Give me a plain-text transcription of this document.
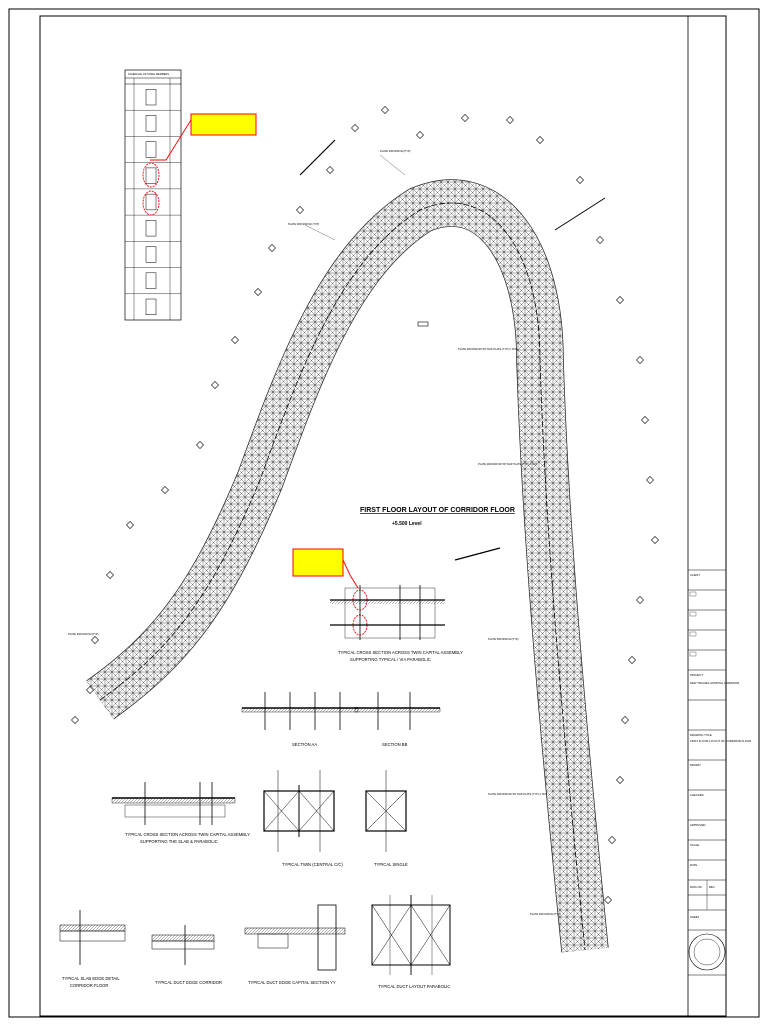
CLIENT
PROJECT
NEW TRAUMA HOSPITAL CORRIDOR
DRAWING TITLE
DRAWN
CHECKED
APPROVED
SCALE
DATE
DWG NO. REV
SHEET
FIRST FLOOR LAYOUT OF CORRIDOR FLOOR
SCHEDULE OF STEEL MEMBERS
PLATE 200X100X12(TYP)
PLATE 300X100X10 (TYP)
PLATE 400X400X20 WT DHP PLATE (TYP) 2 NOS
PLATE 400X400X20 WT DHP PLATE (TYP) 2 NOS
PLATE 500X300X12(TYP)
PLATE 400X400X20 WT DHP PLATE (TYP) 2 NOS
PLATE 300X100X12(TYP)
PLATE 300X100X12(TYP)
FIRST FLOOR LAYOUT OF CORRIDOR FLOOR
+5.500 Level
TYPICAL CROSS SECTION ACROSS TWIN CAPITAL ASSEMBLY
SUPPORTING TYPICAL / VIA PARABOLIC
SECTION AA	SECTION BB
TYPICAL CROSS SECTION ACROSS TWIN CAPITAL ASSEMBLY
SUPPORTING THE SLAB & PARABOLIC
TYPICAL TWIN (CENTRAL C/C)	TYPICAL SINGLE
TYPICAL SLAB EDGE DETAIL
CORRIDOR FLOOR
TYPICAL DUCT EDGE CORRIDOR	TYPICAL DUCT EDGE CAPITAL SECTION YY
TYPICAL DUCT LAYOUT PARABOLIC
